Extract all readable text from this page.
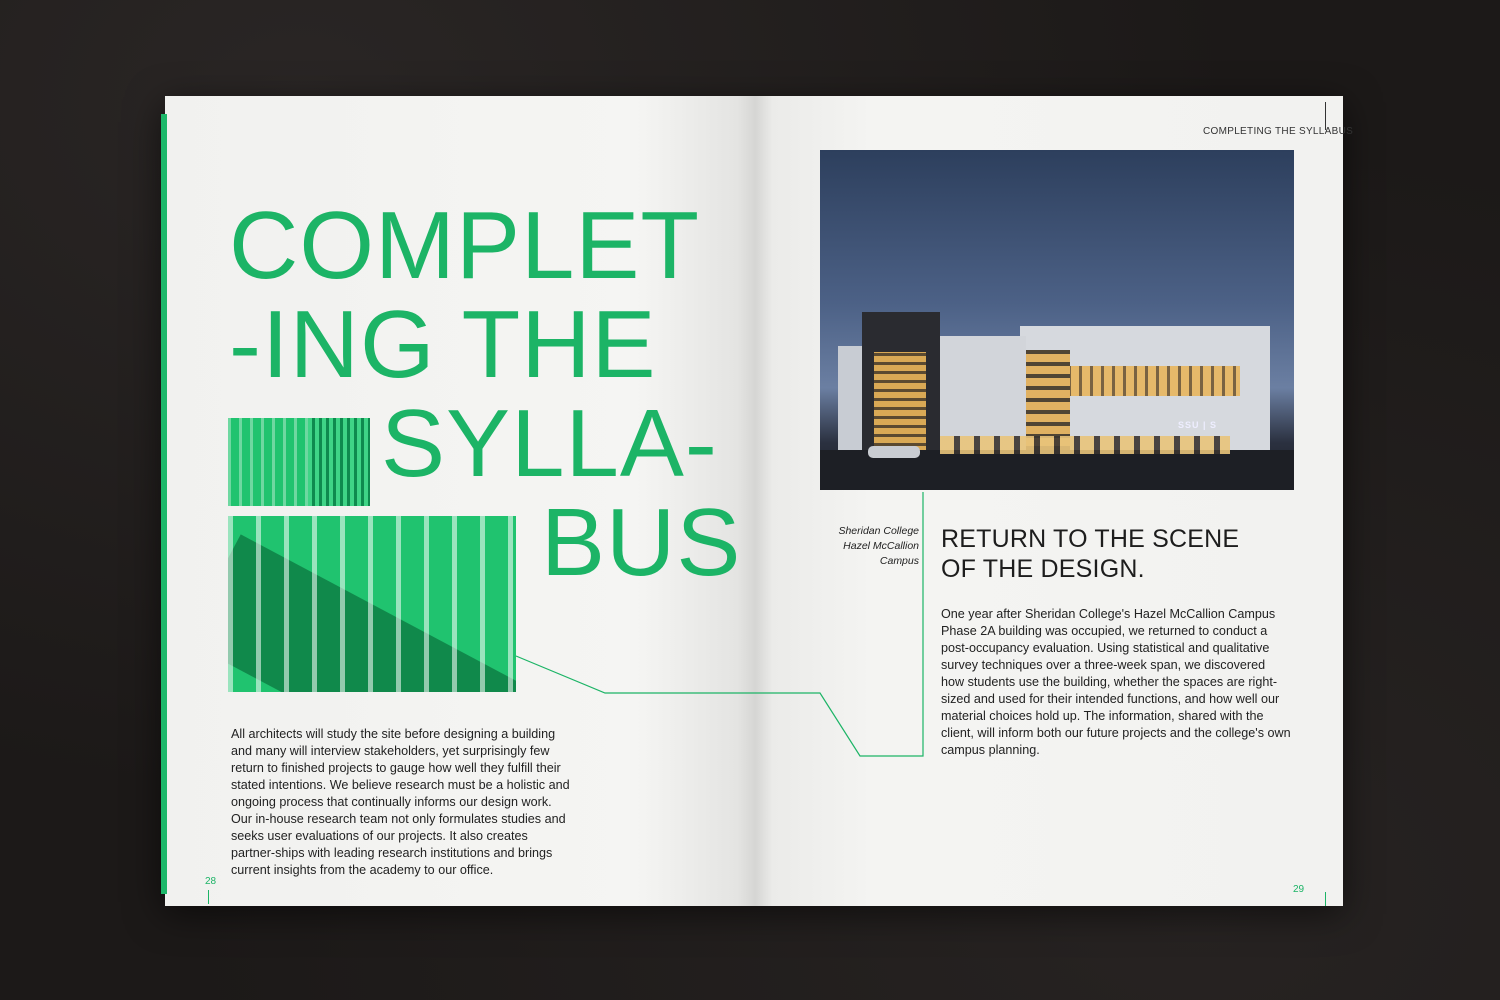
COMPLET
-ING THE
SYLLA-
BUS
All architects will study the site before designing a building and many will interview stakeholders, yet surprisingly few return to finished projects to gauge how well they fulfill their stated intentions. We believe research must be a holistic and ongoing process that continually informs our design work. Our in-house research team not only formulates studies and seeks user evaluations of our projects. It also creates partner-ships with leading research institutions and brings current insights from the academy to our office.
28
COMPLETING THE SYLLABUS
SSU | S
Sheridan College
Hazel McCallion
Campus
RETURN TO THE SCENE
OF THE DESIGN.
One year after Sheridan College's Hazel McCallion Campus Phase 2A building was occupied, we returned to conduct a post-occupancy evaluation. Using statistical and qualitative survey techniques over a three-week span, we discovered how students use the building, whether the spaces are right-sized and used for their intended functions, and how well our material choices hold up. The information, shared with the client, will inform both our future projects and the college's own campus planning.
29
